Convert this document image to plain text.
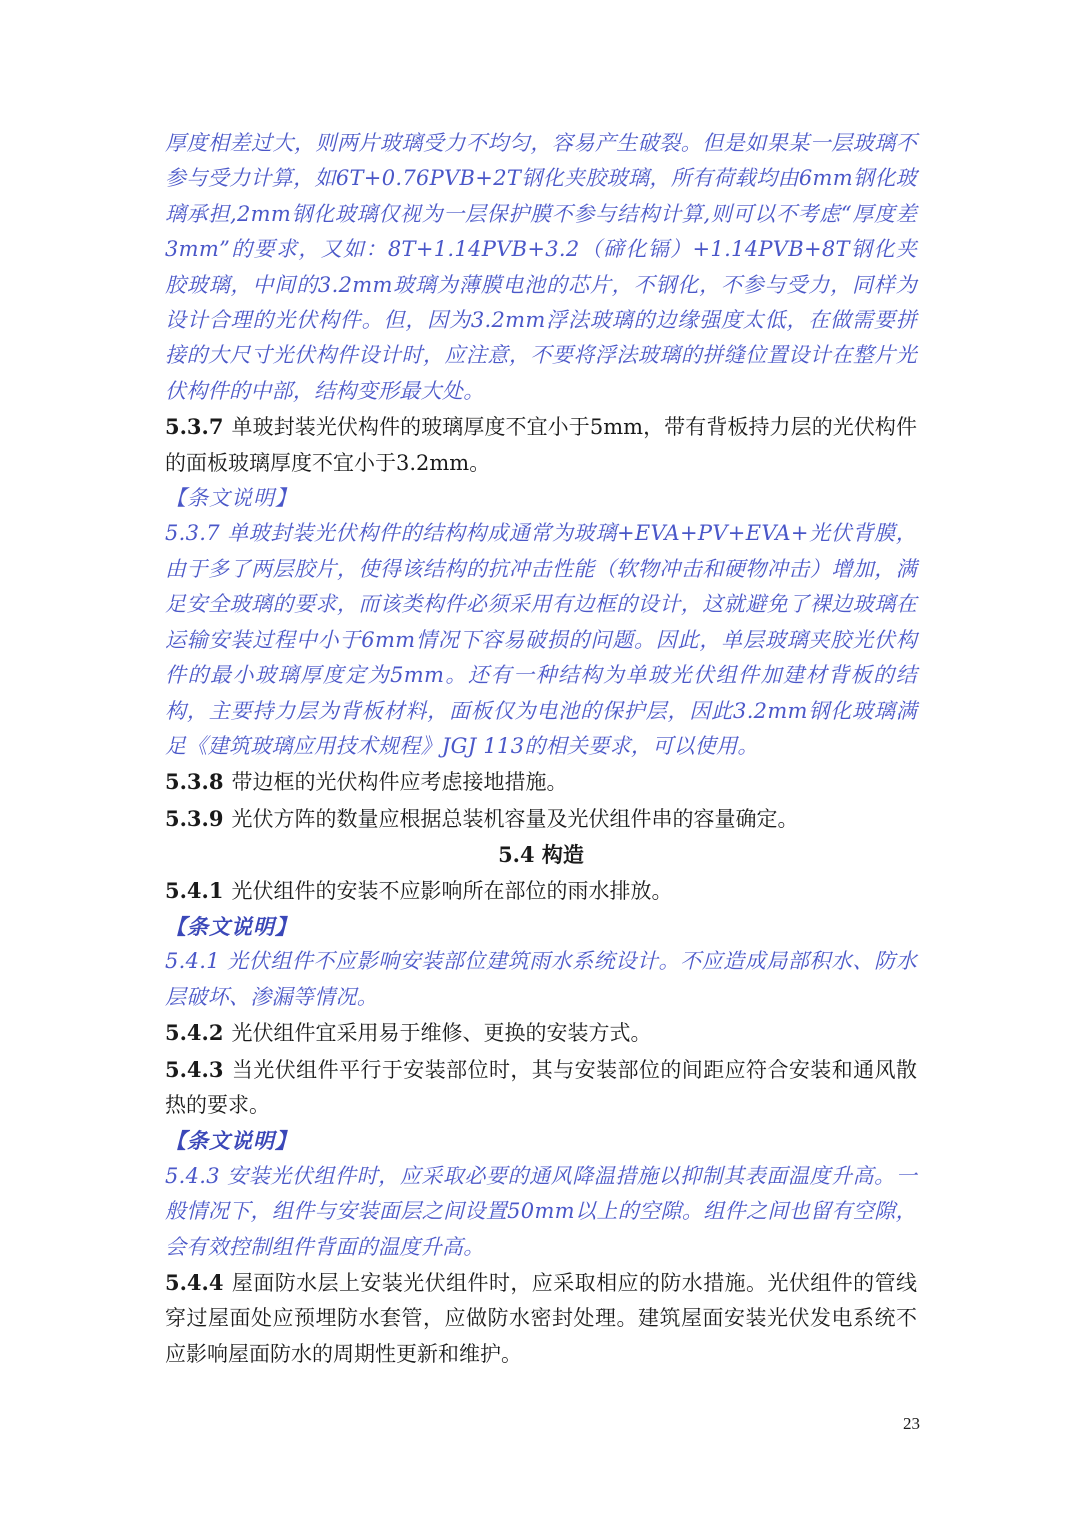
厚度相差过大，则两片玻璃受力不均匀，容易产生破裂。但是如果某一层玻璃不参与受力计算，如6T+0.76PVB+2T钢化夹胶玻璃，所有荷载均由6mm钢化玻璃承担,2mm钢化玻璃仅视为一层保护膜不参与结构计算,则可以不考虑“厚度差3mm”的要求，又如：8T+1.14PVB+3.2（碲化镉）+1.14PVB+8T钢化夹胶玻璃，中间的3.2mm玻璃为薄膜电池的芯片，不钢化，不参与受力，同样为设计合理的光伏构件。但，因为3.2mm浮法玻璃的边缘强度太低，在做需要拼接的大尺寸光伏构件设计时，应注意，不要将浮法玻璃的拼缝位置设计在整片光伏构件的中部，结构变形最大处。

5.3.7 单玻封装光伏构件的玻璃厚度不宜小于5mm，带有背板持力层的光伏构件的面板玻璃厚度不宜小于3.2mm。

【条文说明】

5.3.7 单玻封装光伏构件的结构构成通常为玻璃+EVA+PV+EVA+光伏背膜，由于多了两层胶片，使得该结构的抗冲击性能（软物冲击和硬物冲击）增加，满足安全玻璃的要求，而该类构件必须采用有边框的设计，这就避免了裸边玻璃在运输安装过程中小于6mm情况下容易破损的问题。因此，单层玻璃夹胶光伏构件的最小玻璃厚度定为5mm。还有一种结构为单玻光伏组件加建材背板的结构，主要持力层为背板材料，面板仅为电池的保护层，因此3.2mm钢化玻璃满足《建筑玻璃应用技术规程》JGJ 113的相关要求，可以使用。

5.3.8 带边框的光伏构件应考虑接地措施。

5.3.9 光伏方阵的数量应根据总装机容量及光伏组件串的容量确定。

5.4 构造

5.4.1 光伏组件的安装不应影响所在部位的雨水排放。

【条文说明】

5.4.1 光伏组件不应影响安装部位建筑雨水系统设计。不应造成局部积水、防水层破坏、渗漏等情况。

5.4.2 光伏组件宜采用易于维修、更换的安装方式。

5.4.3 当光伏组件平行于安装部位时，其与安装部位的间距应符合安装和通风散热的要求。

【条文说明】

5.4.3 安装光伏组件时，应采取必要的通风降温措施以抑制其表面温度升高。一般情况下，组件与安装面层之间设置50mm以上的空隙。组件之间也留有空隙，会有效控制组件背面的温度升高。

5.4.4 屋面防水层上安装光伏组件时，应采取相应的防水措施。光伏组件的管线穿过屋面处应预埋防水套管，应做防水密封处理。建筑屋面安装光伏发电系统不应影响屋面防水的周期性更新和维护。

23
